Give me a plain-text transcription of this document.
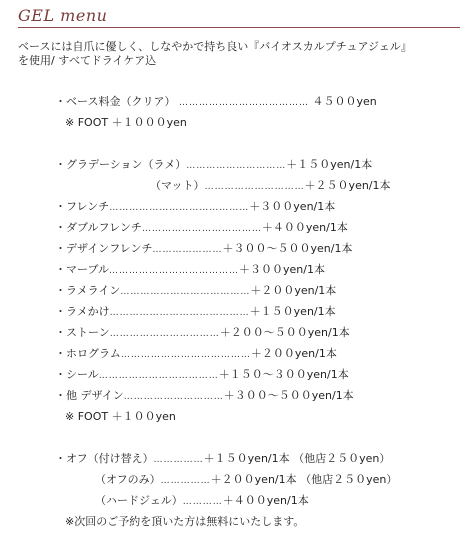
GEL menu
ベースには自爪に優しく、しなやかで持ち良い『バイオスカルプチュアジェル』
を使用/ すべてドライケア込
・ベース料金（クリア） ………………………………… ４５００yen
※ FOOT ＋１０００yen
・グラデーション（ラメ）…………………………＋１５０yen/1本
（マット）…………………………＋２５０yen/1本
・フレンチ……………………………………＋３００yen/1本
・ダブルフレンチ………………………………＋４００yen/1本
・デザインフレンチ…………………＋３００～５００yen/1本
・マーブル…………………………………＋３００yen/1本
・ラメライン…………………………………＋２００yen/1本
・ラメかけ……………………………………＋１５０yen/1本
・ストーン……………………………＋２００～５００yen/1本
・ホログラム…………………………………＋２００yen/1本
・シール………………………………＋１５０～３００yen/1本
・他 デザイン…………………………＋３００～５００yen/1本
※ FOOT ＋１００yen
・オフ（付け替え）……………＋１５０yen/1本 （他店２５０yen）
（オフのみ）……………＋２００yen/1本 （他店２５０yen）
（ハードジェル）…………＋４００yen/1本
※次回のご予約を頂いた方は無料にいたします。
